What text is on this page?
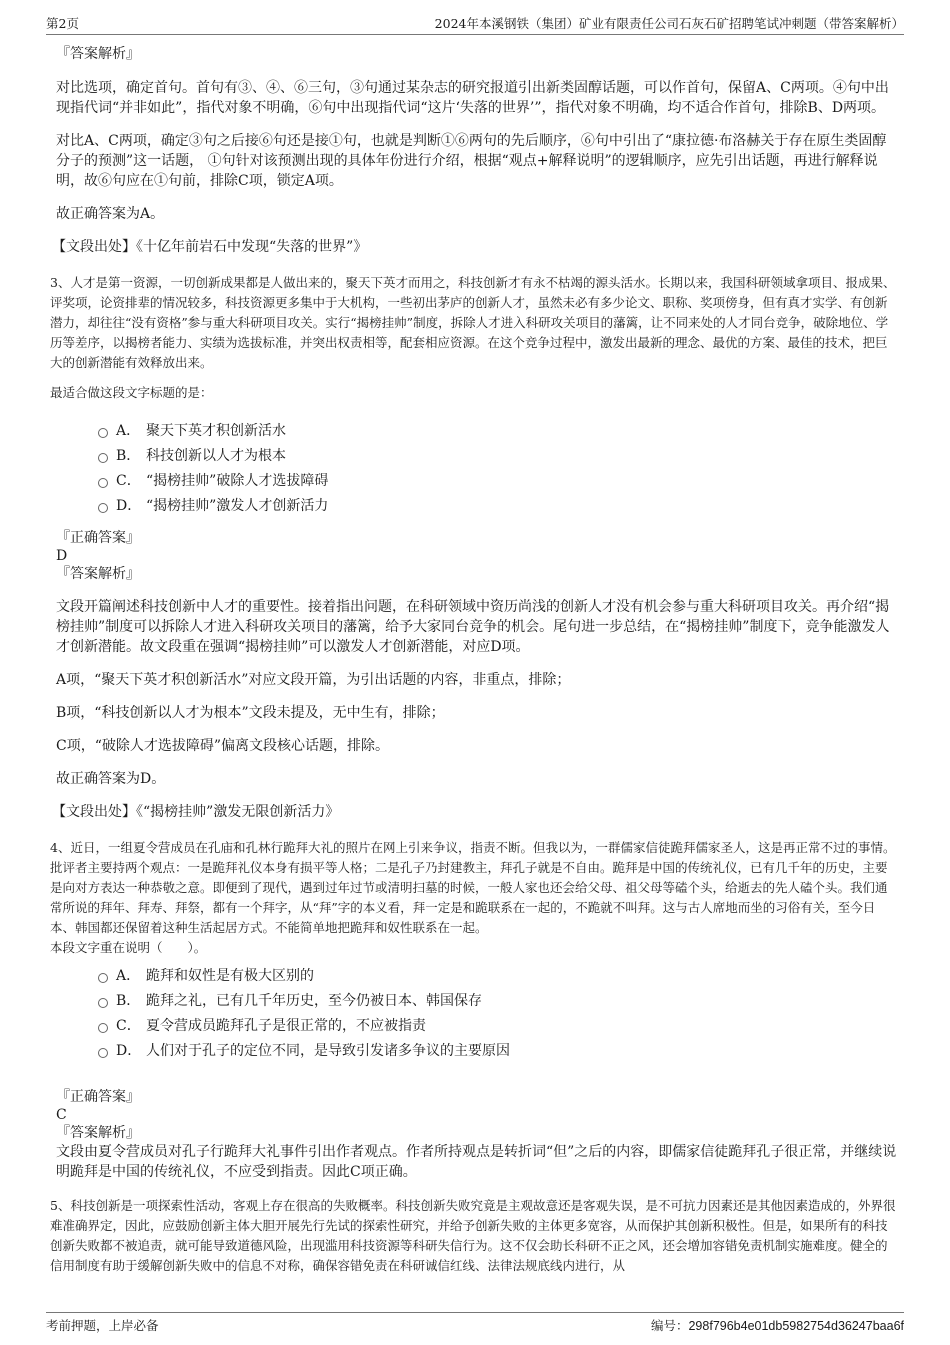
第2页	2024年本溪钢铁（集团）矿业有限责任公司石灰石矿招聘笔试冲刺题（带答案解析）

『答案解析』

对比选项，确定首句。首句有③、④、⑥三句，③句通过某杂志的研究报道引出新类固醇话题，可以作首句，保留A、C两项。④句中出现指代词“并非如此”，指代对象不明确，⑥句中出现指代词“这片‘失落的世界’”，指代对象不明确，均不适合作首句，排除B、D两项。

对比A、C两项，确定③句之后接⑥句还是接①句，也就是判断①⑥两句的先后顺序，⑥句中引出了“康拉德·布洛赫关于存在原生类固醇分子的预测”这一话题， ①句针对该预测出现的具体年份进行介绍，根据“观点+解释说明”的逻辑顺序，应先引出话题，再进行解释说明，故⑥句应在①句前，排除C项，锁定A项。

故正确答案为A。

【文段出处】《十亿年前岩石中发现“失落的世界”》

3、人才是第一资源，一切创新成果都是人做出来的，聚天下英才而用之，科技创新才有永不枯竭的源头活水。长期以来，我国科研领域拿项目、报成果、评奖项，论资排辈的情况较多，科技资源更多集中于大机构，一些初出茅庐的创新人才，虽然未必有多少论文、职称、奖项傍身，但有真才实学、有创新潜力，却往往“没有资格”参与重大科研项目攻关。实行“揭榜挂帅”制度，拆除人才进入科研攻关项目的藩篱，让不同来处的人才同台竞争，破除地位、学历等差序，以揭榜者能力、实绩为选拔标准，并突出权责相等，配套相应资源。在这个竞争过程中，激发出最新的理念、最优的方案、最佳的技术，把巨大的创新潜能有效释放出来。

最适合做这段文字标题的是：

A． 聚天下英才积创新活水
B． 科技创新以人才为根本
C． “揭榜挂帅”破除人才选拔障碍
D． “揭榜挂帅”激发人才创新活力

『正确答案』

D

『答案解析』

文段开篇阐述科技创新中人才的重要性。接着指出问题，在科研领域中资历尚浅的创新人才没有机会参与重大科研项目攻关。再介绍“揭榜挂帅”制度可以拆除人才进入科研攻关项目的藩篱，给予大家同台竞争的机会。尾句进一步总结，在“揭榜挂帅”制度下，竞争能激发人才创新潜能。故文段重在强调“揭榜挂帅”可以激发人才创新潜能，对应D项。

A项，“聚天下英才积创新活水”对应文段开篇，为引出话题的内容，非重点，排除；

B项，“科技创新以人才为根本”文段未提及，无中生有，排除；

C项，“破除人才选拔障碍”偏离文段核心话题，排除。

故正确答案为D。

【文段出处】《“揭榜挂帅”激发无限创新活力》

4、近日，一组夏令营成员在孔庙和孔林行跪拜大礼的照片在网上引来争议，指责不断。但我以为，一群儒家信徒跪拜儒家圣人，这是再正常不过的事情。批评者主要持两个观点：一是跪拜礼仪本身有损平等人格；二是孔子乃封建教主，拜孔子就是不自由。跪拜是中国的传统礼仪，已有几千年的历史，主要是向对方表达一种恭敬之意。即便到了现代，遇到过年过节或清明扫墓的时候，一般人家也还会给父母、祖父母等磕个头，给逝去的先人磕个头。我们通常所说的拜年、拜寿、拜祭，都有一个拜字，从“拜”字的本义看，拜一定是和跪联系在一起的，不跪就不叫拜。这与古人席地而坐的习俗有关，至今日本、韩国都还保留着这种生活起居方式。不能简单地把跪拜和奴性联系在一起。

本段文字重在说明（　　）。

A． 跪拜和奴性是有极大区别的
B． 跪拜之礼，已有几千年历史，至今仍被日本、韩国保存
C． 夏令营成员跪拜孔子是很正常的，不应被指责
D． 人们对于孔子的定位不同，是导致引发诸多争议的主要原因

『正确答案』

C

『答案解析』

文段由夏令营成员对孔子行跪拜大礼事件引出作者观点。作者所持观点是转折词“但”之后的内容，即儒家信徒跪拜孔子很正常，并继续说明跪拜是中国的传统礼仪，不应受到指责。因此C项正确。

5、科技创新是一项探索性活动，客观上存在很高的失败概率。科技创新失败究竟是主观故意还是客观失误，是不可抗力因素还是其他因素造成的，外界很难准确界定，因此，应鼓励创新主体大胆开展先行先试的探索性研究，并给予创新失败的主体更多宽容，从而保护其创新积极性。但是，如果所有的科技创新失败都不被追责，就可能导致道德风险，出现滥用科技资源等科研失信行为。这不仅会助长科研不正之风，还会增加容错免责机制实施难度。健全的信用制度有助于缓解创新失败中的信息不对称，确保容错免责在科研诚信红线、法律法规底线内进行，从

考前押题，上岸必备	编号：298f796b4e01db5982754d36247baa6f
